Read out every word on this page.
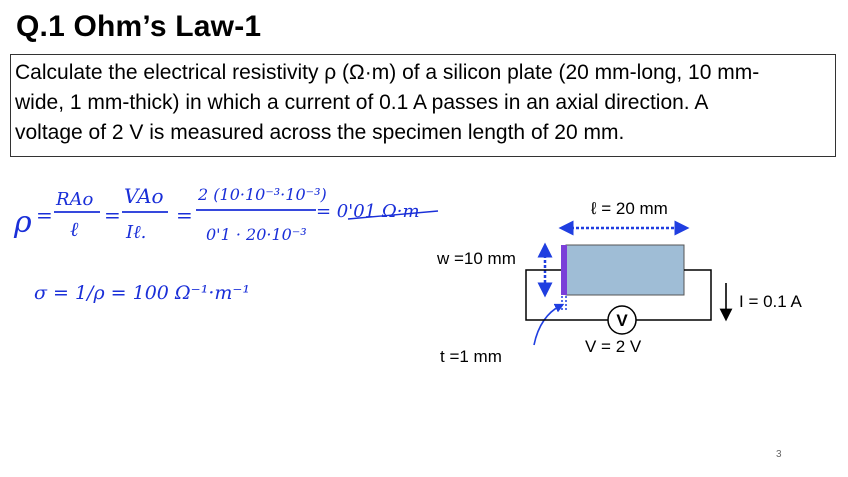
Q.1 Ohm’s Law-1
Calculate the electrical resistivity ρ (Ω·m) of a silicon plate (20 mm-long, 10 mm-
wide, 1 mm-thick) in which a current of 0.1 A passes in an axial direction. A
voltage of 2 V is measured across the specimen length of 20 mm.
ρ =
RAo
ℓ
=
VAo
Iℓ.
=
2 (10·10⁻³·10⁻³)
0'1 · 20·10⁻³
= 0'01 Ω·m
σ = 1/ρ = 100 Ω⁻¹·m⁻¹
ℓ = 20 mm
w =10 mm
t =1 mm
V
V = 2 V
I = 0.1 A
3
